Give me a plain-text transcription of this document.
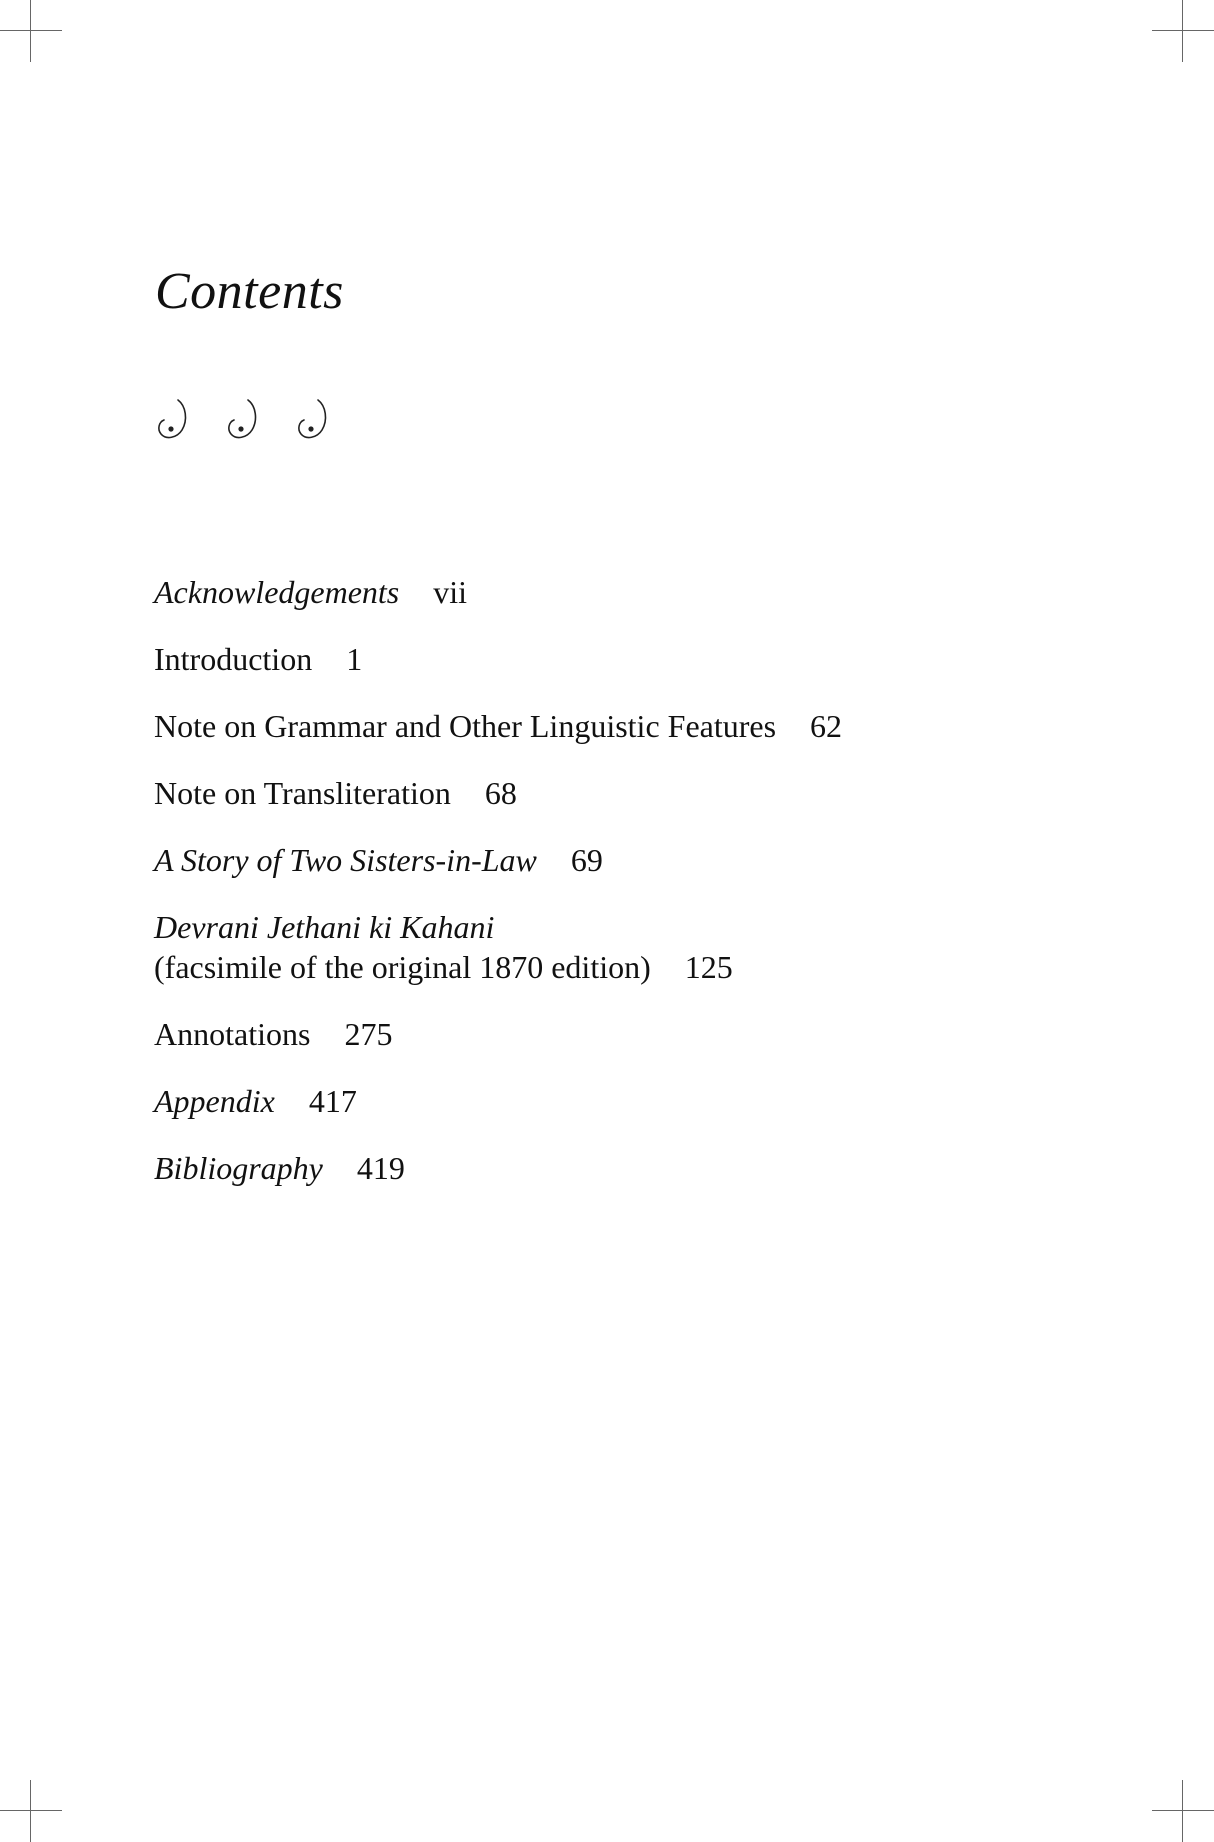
Contents
Acknowledgements vii
Introduction 1
Note on Grammar and Other Linguistic Features 62
Note on Transliteration 68
A Story of Two Sisters-in-Law 69
Devrani Jethani ki Kahani
(facsimile of the original 1870 edition) 125
Annotations 275
Appendix 417
Bibliography 419
